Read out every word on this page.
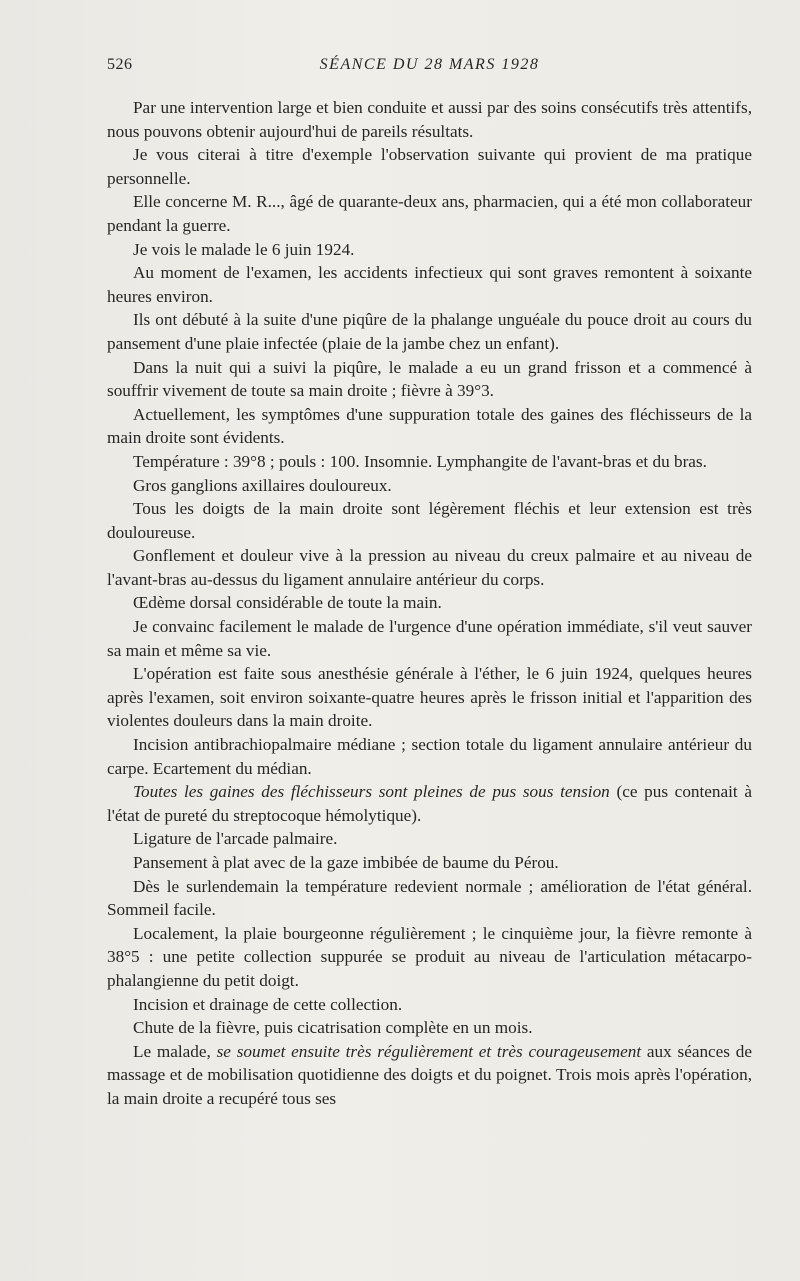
526	SÉANCE DU 28 MARS 1928

Par une intervention large et bien conduite et aussi par des soins consécutifs très attentifs, nous pouvons obtenir aujourd'hui de pareils résultats.

Je vous citerai à titre d'exemple l'observation suivante qui provient de ma pratique personnelle.

Elle concerne M. R..., âgé de quarante-deux ans, pharmacien, qui a été mon collaborateur pendant la guerre.

Je vois le malade le 6 juin 1924.

Au moment de l'examen, les accidents infectieux qui sont graves remontent à soixante heures environ.

Ils ont débuté à la suite d'une piqûre de la phalange unguéale du pouce droit au cours du pansement d'une plaie infectée (plaie de la jambe chez un enfant).

Dans la nuit qui a suivi la piqûre, le malade a eu un grand frisson et a commencé à souffrir vivement de toute sa main droite ; fièvre à 39°3.

Actuellement, les symptômes d'une suppuration totale des gaines des fléchisseurs de la main droite sont évidents.

Température : 39°8 ; pouls : 100. Insomnie. Lymphangite de l'avant-bras et du bras.

Gros ganglions axillaires douloureux.

Tous les doigts de la main droite sont légèrement fléchis et leur extension est très douloureuse.

Gonflement et douleur vive à la pression au niveau du creux palmaire et au niveau de l'avant-bras au-dessus du ligament annulaire antérieur du corps.

Œdème dorsal considérable de toute la main.

Je convainc facilement le malade de l'urgence d'une opération immédiate, s'il veut sauver sa main et même sa vie.

L'opération est faite sous anesthésie générale à l'éther, le 6 juin 1924, quelques heures après l'examen, soit environ soixante-quatre heures après le frisson initial et l'apparition des violentes douleurs dans la main droite.

Incision antibrachiopalmaire médiane ; section totale du ligament annulaire antérieur du carpe. Ecartement du médian.

Toutes les gaines des fléchisseurs sont pleines de pus sous tension (ce pus contenait à l'état de pureté du streptocoque hémolytique).

Ligature de l'arcade palmaire.

Pansement à plat avec de la gaze imbibée de baume du Pérou.

Dès le surlendemain la température redevient normale ; amélioration de l'état général. Sommeil facile.

Localement, la plaie bourgeonne régulièrement ; le cinquième jour, la fièvre remonte à 38°5 : une petite collection suppurée se produit au niveau de l'articulation métacarpo-phalangienne du petit doigt.

Incision et drainage de cette collection.

Chute de la fièvre, puis cicatrisation complète en un mois.

Le malade, se soumet ensuite très régulièrement et très courageusement aux séances de massage et de mobilisation quotidienne des doigts et du poignet. Trois mois après l'opération, la main droite a recupéré tous ses
